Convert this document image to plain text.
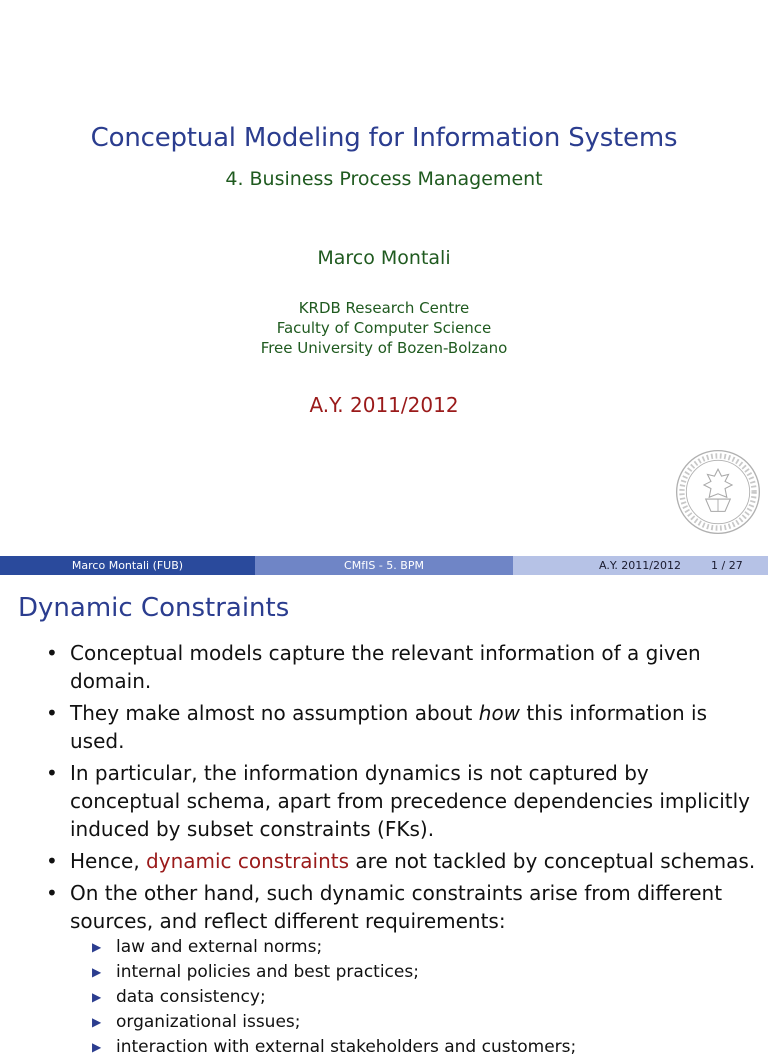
Conceptual Modeling for Information Systems
4. Business Process Management
Marco Montali
KRDB Research Centre
Faculty of Computer Science
Free University of Bozen-Bolzano
A.Y. 2011/2012
Marco Montali (FUB)	CMfIS - 5. BPM	A.Y. 2011/2012	1 / 27
Dynamic Constraints
• Conceptual models capture the relevant information of a given domain.
• They make almost no assumption about how this information is used.
• In particular, the information dynamics is not captured by conceptual schema, apart from precedence dependencies implicitly induced by subset constraints (FKs).
• Hence, dynamic constraints are not tackled by conceptual schemas.
• On the other hand, such dynamic constraints arise from different sources, and reflect different requirements:
▶ law and external norms;
▶ internal policies and best practices;
▶ data consistency;
▶ organizational issues;
▶ interaction with external stakeholders and customers;
